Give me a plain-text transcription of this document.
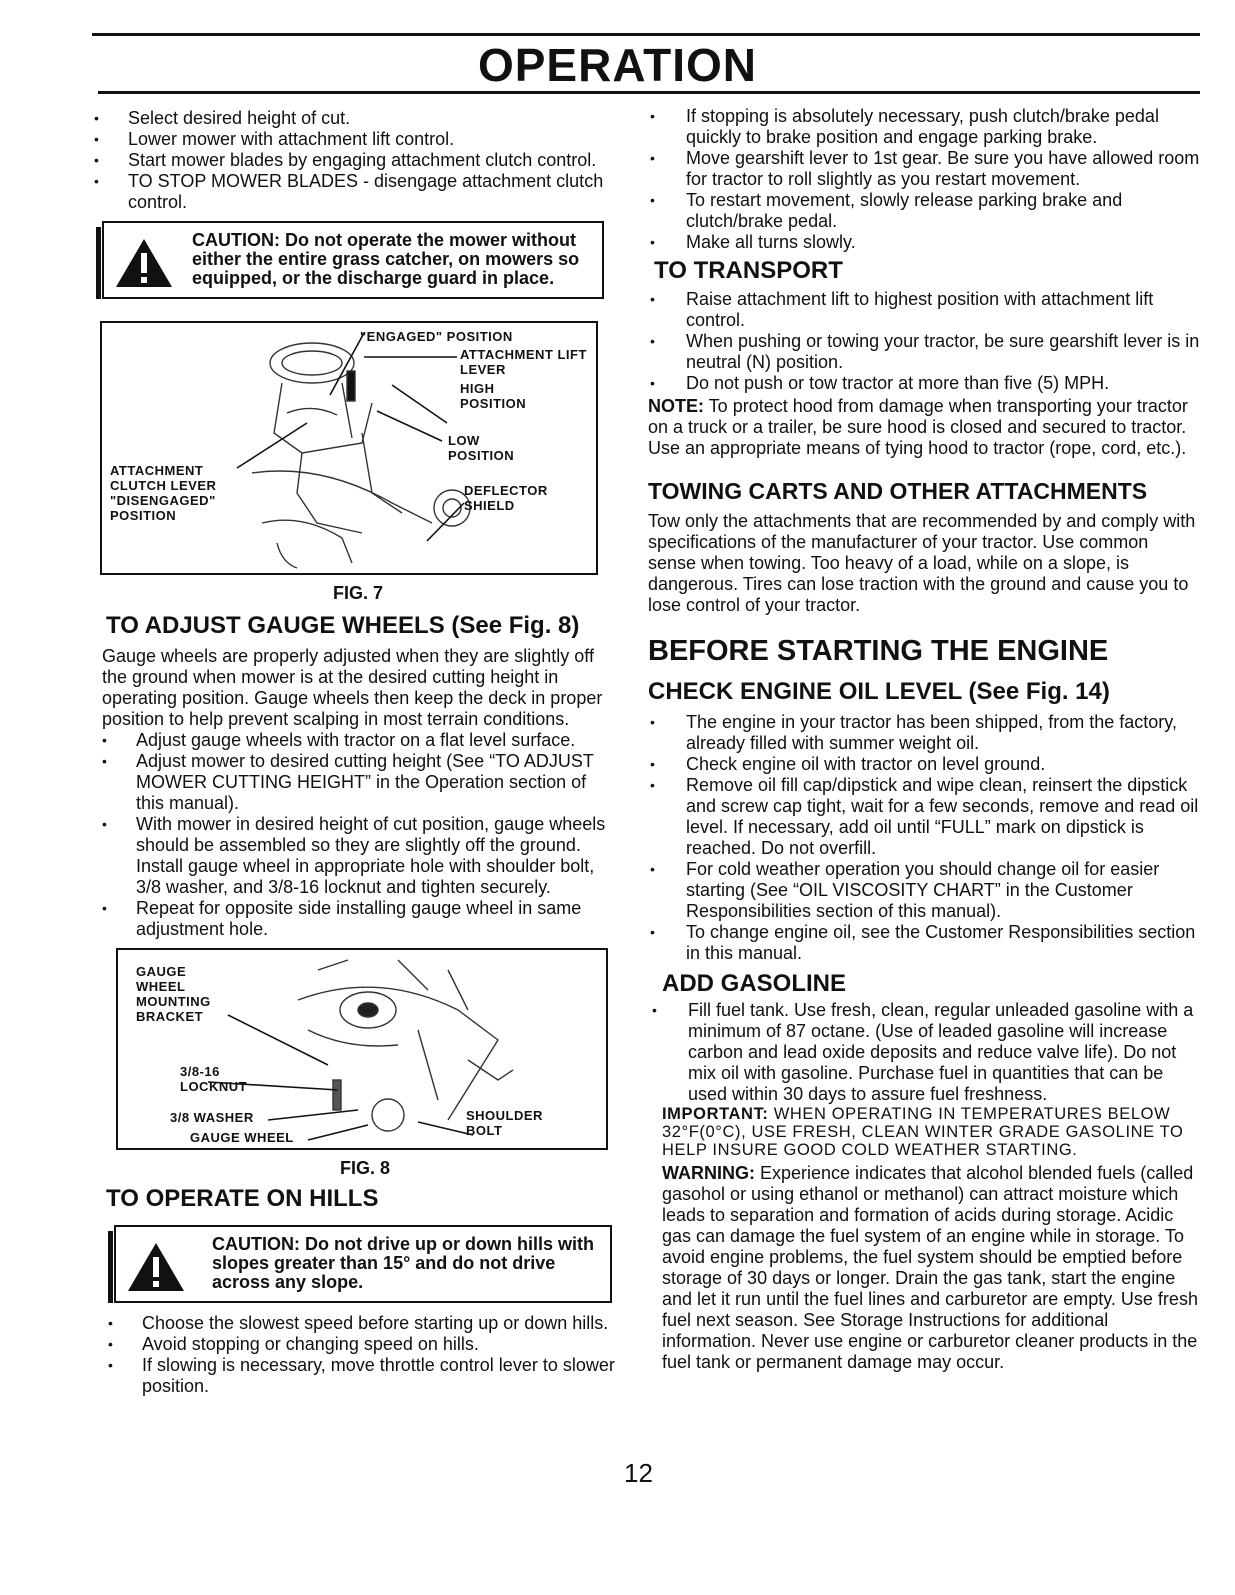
OPERATION
• Select desired height of cut.
• Lower mower with attachment lift control.
• Start mower blades by engaging attachment clutch control.
• TO STOP MOWER BLADES - disengage attachment clutch control.
CAUTION: Do not operate the mower without either the entire grass catcher, on mowers so equipped, or the discharge guard in place.
"ENGAGED" POSITION
ATTACHMENT LIFT LEVER
HIGH POSITION
LOW POSITION
DEFLECTOR SHIELD
ATTACHMENT CLUTCH LEVER "DISENGAGED" POSITION
FIG. 7
TO ADJUST GAUGE WHEELS (See Fig. 8)

Gauge wheels are properly adjusted when they are slightly off the ground when mower is at the desired cutting height in operating position. Gauge wheels then keep the deck in proper position to help prevent scalping in most terrain conditions.

• Adjust gauge wheels with tractor on a flat level surface.
• Adjust mower to desired cutting height (See “TO ADJUST MOWER CUTTING HEIGHT” in the Operation section of this manual).
• With mower in desired height of cut position, gauge wheels should be assembled so they are slightly off the ground. Install gauge wheel in appropriate hole with shoulder bolt, 3/8 washer, and 3/8-16 locknut and tighten securely.
• Repeat for opposite side installing gauge wheel in same adjustment hole.
GAUGE WHEEL MOUNTING BRACKET
3/8-16 LOCKNUT
3/8 WASHER
GAUGE WHEEL
SHOULDER BOLT
FIG. 8
TO OPERATE ON HILLS
CAUTION: Do not drive up or down hills with slopes greater than 15° and do not drive across any slope.
• Choose the slowest speed before starting up or down hills.
• Avoid stopping or changing speed on hills.
• If slowing is necessary, move throttle control lever to slower position.
• If stopping is absolutely necessary, push clutch/brake pedal quickly to brake position and engage parking brake.
• Move gearshift lever to 1st gear. Be sure you have allowed room for tractor to roll slightly as you restart movement.
• To restart movement, slowly release parking brake and clutch/brake pedal.
• Make all turns slowly.
TO TRANSPORT
• Raise attachment lift to highest position with attachment lift control.
• When pushing or towing your tractor, be sure gearshift lever is in neutral (N) position.
• Do not push or tow tractor at more than five (5) MPH.

NOTE: To protect hood from damage when transporting your tractor on a truck or a trailer, be sure hood is closed and secured to tractor. Use an appropriate means of tying hood to tractor (rope, cord, etc.).

TOWING CARTS AND OTHER ATTACHMENTS

Tow only the attachments that are recommended by and comply with specifications of the manufacturer of your tractor. Use common sense when towing. Too heavy of a load, while on a slope, is dangerous. Tires can lose traction with the ground and cause you to lose control of your tractor.

BEFORE STARTING THE ENGINE
CHECK ENGINE OIL LEVEL (See Fig. 14)
• The engine in your tractor has been shipped, from the factory, already filled with summer weight oil.
• Check engine oil with tractor on level ground.
• Remove oil fill cap/dipstick and wipe clean, reinsert the dipstick and screw cap tight, wait for a few seconds, remove and read oil level. If necessary, add oil until “FULL” mark on dipstick is reached. Do not overfill.
• For cold weather operation you should change oil for easier starting (See “OIL VISCOSITY CHART” in the Customer Responsibilities section of this manual).
• To change engine oil, see the Customer Responsibilities section in this manual.
ADD GASOLINE
• Fill fuel tank. Use fresh, clean, regular unleaded gasoline with a minimum of 87 octane. (Use of leaded gasoline will increase carbon and lead oxide deposits and reduce valve life). Do not mix oil with gasoline. Purchase fuel in quantities that can be used within 30 days to assure fuel freshness.

IMPORTANT: WHEN OPERATING IN TEMPERATURES BELOW 32°F(0°C), USE FRESH, CLEAN WINTER GRADE GASOLINE TO HELP INSURE GOOD COLD WEATHER STARTING.

WARNING: Experience indicates that alcohol blended fuels (called gasohol or using ethanol or methanol) can attract moisture which leads to separation and formation of acids during storage. Acidic gas can damage the fuel system of an engine while in storage. To avoid engine problems, the fuel system should be emptied before storage of 30 days or longer. Drain the gas tank, start the engine and let it run until the fuel lines and carburetor are empty. Use fresh fuel next season. See Storage Instructions for additional information. Never use engine or carburetor cleaner products in the fuel tank or permanent damage may occur.

12
